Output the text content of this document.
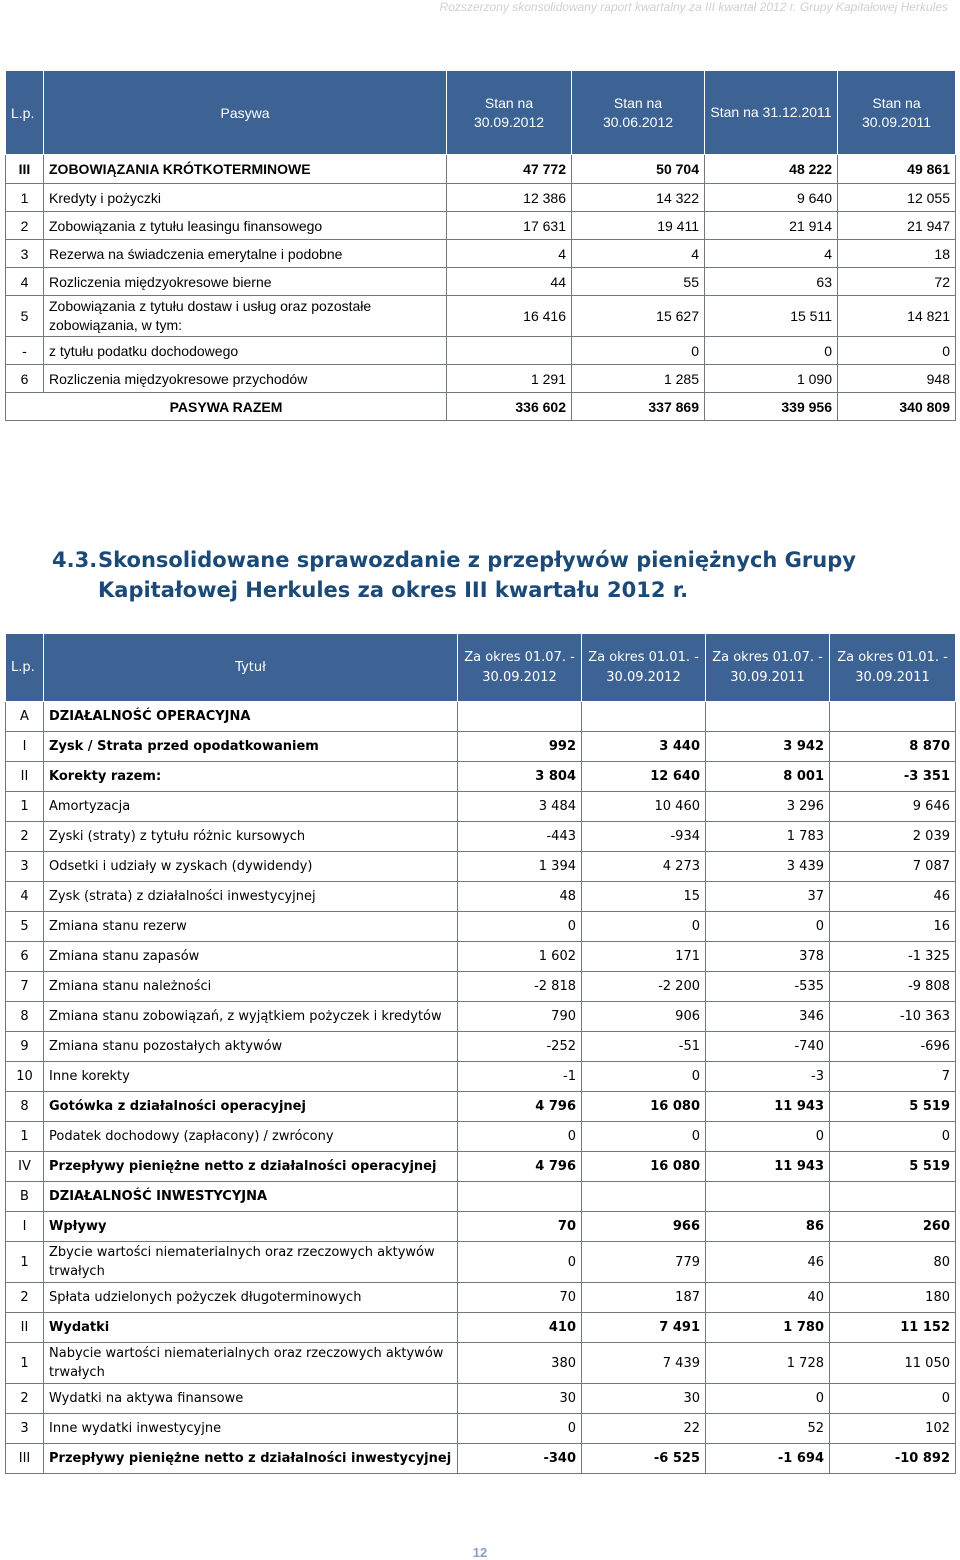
Rozszerzony skonsolidowany raport kwartalny za III kwartał 2012 r. Grupy Kapitałowej Herkules
L.p.	Pasywa	Stan na 30.09.2012	Stan na 30.06.2012	Stan na 31.12.2011	Stan na 30.09.2011
III	ZOBOWIĄZANIA KRÓTKOTERMINOWE	47 772	50 704	48 222	49 861
1	Kredyty i pożyczki	12 386	14 322	9 640	12 055
2	Zobowiązania z tytułu leasingu finansowego	17 631	19 411	21 914	21 947
3	Rezerwa na świadczenia emerytalne i podobne	4	4	4	18
4	Rozliczenia międzyokresowe bierne	44	55	63	72
5	Zobowiązania z tytułu dostaw i usług oraz pozostałe zobowiązania, w tym:	16 416	15 627	15 511	14 821
-	z tytułu podatku dochodowego		0	0	0
6	Rozliczenia międzyokresowe przychodów	1 291	1 285	1 090	948
PASYWA RAZEM		336 602	337 869	339 956	340 809
4.3. Skonsolidowane sprawozdanie z przepływów pieniężnych Grupy Kapitałowej Herkules za okres III kwartału 2012 r.
L.p.	Tytuł	Za okres 01.07. - 30.09.2012	Za okres 01.01. - 30.09.2012	Za okres 01.07. - 30.09.2011	Za okres 01.01. - 30.09.2011
A	DZIAŁALNOŚĆ OPERACYJNA				
I	Zysk / Strata przed opodatkowaniem	992	3 440	3 942	8 870
II	Korekty razem:	3 804	12 640	8 001	-3 351
1	Amortyzacja	3 484	10 460	3 296	9 646
2	Zyski (straty) z tytułu różnic kursowych	-443	-934	1 783	2 039
3	Odsetki i udziały w zyskach (dywidendy)	1 394	4 273	3 439	7 087
4	Zysk (strata) z działalności inwestycyjnej	48	15	37	46
5	Zmiana stanu rezerw	0	0	0	16
6	Zmiana stanu zapasów	1 602	171	378	-1 325
7	Zmiana stanu należności	-2 818	-2 200	-535	-9 808
8	Zmiana stanu zobowiązań, z wyjątkiem pożyczek i kredytów	790	906	346	-10 363
9	Zmiana stanu pozostałych aktywów	-252	-51	-740	-696
10	Inne korekty	-1	0	-3	7
8	Gotówka z działalności operacyjnej	4 796	16 080	11 943	5 519
1	Podatek dochodowy (zapłacony) / zwrócony	0	0	0	0
IV	Przepływy pieniężne netto z działalności operacyjnej	4 796	16 080	11 943	5 519
B	DZIAŁALNOŚĆ INWESTYCYJNA				
I	Wpływy	70	966	86	260
1	Zbycie wartości niematerialnych oraz rzeczowych aktywów trwałych	0	779	46	80
2	Spłata udzielonych pożyczek długoterminowych	70	187	40	180
II	Wydatki	410	7 491	1 780	11 152
1	Nabycie wartości niematerialnych oraz rzeczowych aktywów trwałych	380	7 439	1 728	11 050
2	Wydatki na aktywa finansowe	30	30	0	0
3	Inne wydatki inwestycyjne	0	22	52	102
III	Przepływy pieniężne netto z działalności inwestycyjnej	-340	-6 525	-1 694	-10 892
12
